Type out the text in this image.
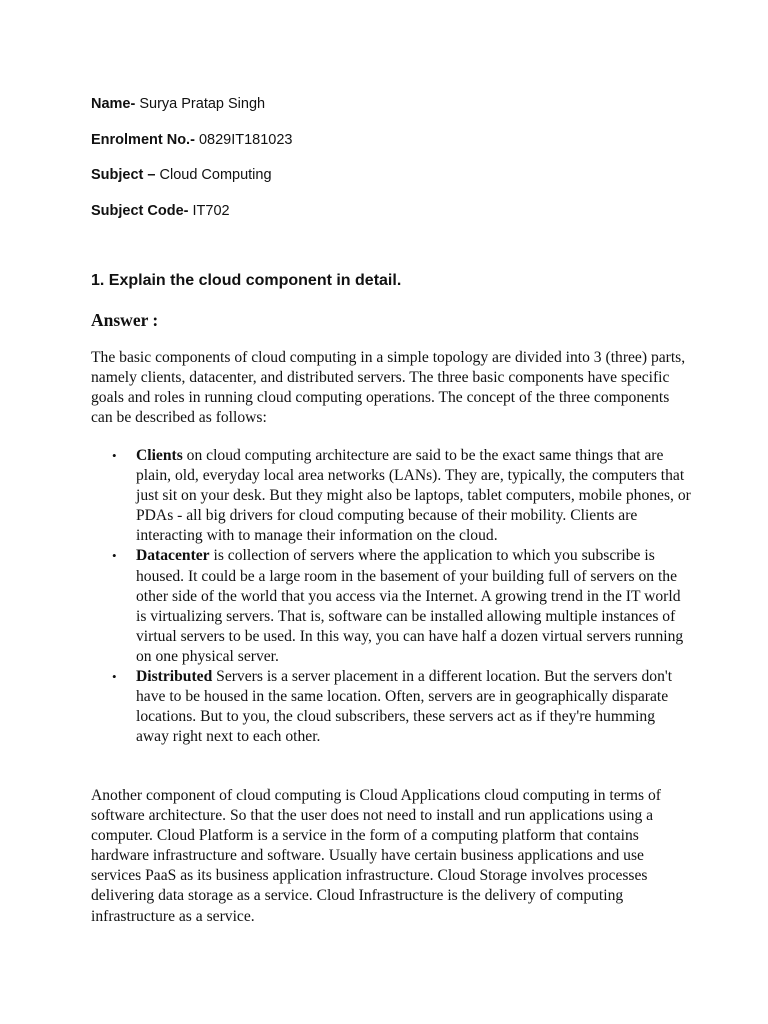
Name- Surya Pratap Singh
Enrolment No.- 0829IT181023
Subject – Cloud Computing
Subject Code- IT702
1. Explain the cloud component in detail.
Answer :

The basic components of cloud computing in a simple topology are divided into 3 (three) parts, namely clients, datacenter, and distributed servers. The three basic components have specific goals and roles in running cloud computing operations. The concept of the three components can be described as follows:

• Clients on cloud computing architecture are said to be the exact same things that are plain, old, everyday local area networks (LANs). They are, typically, the computers that just sit on your desk. But they might also be laptops, tablet computers, mobile phones, or PDAs - all big drivers for cloud computing because of their mobility. Clients are interacting with to manage their information on the cloud.
• Datacenter is collection of servers where the application to which you subscribe is housed. It could be a large room in the basement of your building full of servers on the other side of the world that you access via the Internet. A growing trend in the IT world is virtualizing servers. That is, software can be installed allowing multiple instances of virtual servers to be used. In this way, you can have half a dozen virtual servers running on one physical server.
• Distributed Servers is a server placement in a different location. But the servers don't have to be housed in the same location. Often, servers are in geographically disparate locations. But to you, the cloud subscribers, these servers act as if they're humming away right next to each other.

Another component of cloud computing is Cloud Applications cloud computing in terms of software architecture. So that the user does not need to install and run applications using a computer. Cloud Platform is a service in the form of a computing platform that contains hardware infrastructure and software. Usually have certain business applications and use services PaaS as its business application infrastructure. Cloud Storage involves processes delivering data storage as a service. Cloud Infrastructure is the delivery of computing infrastructure as a service.
